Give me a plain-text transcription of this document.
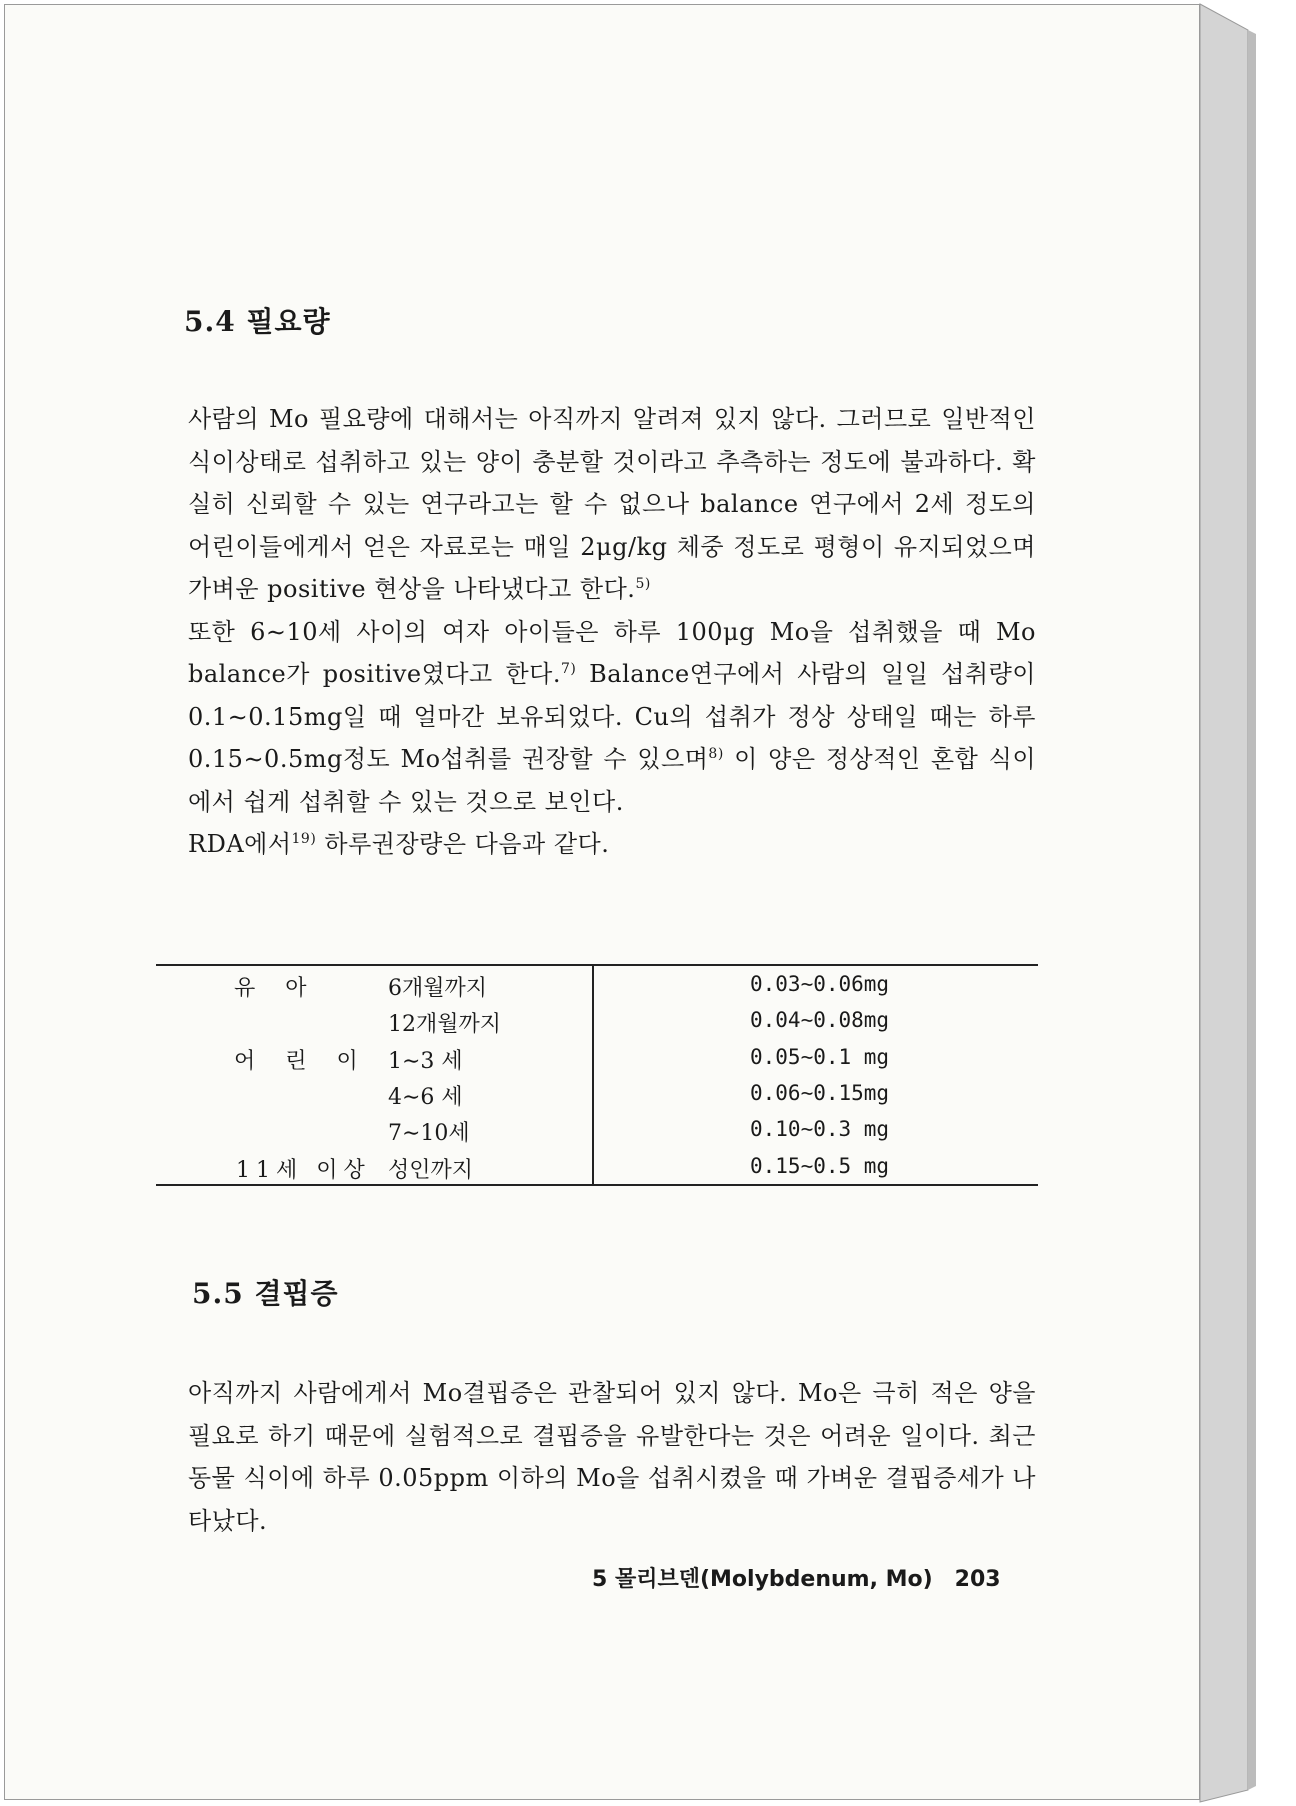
5.4 필요량

사람의 Mo 필요량에 대해서는 아직까지 알려져 있지 않다. 그러므로 일반적인 식이상태로 섭취하고 있는 양이 충분할 것이라고 추측하는 정도에 불과하다. 확실히 신뢰할 수 있는 연구라고는 할 수 없으나 balance 연구에서 2세 정도의 어린이들에게서 얻은 자료로는 매일 2μg/kg 체중 정도로 평형이 유지되었으며 가벼운 positive 현상을 나타냈다고 한다.$^{5)}$

또한 6∼10세 사이의 여자 아이들은 하루 100μg Mo을 섭취했을 때 Mo balance가 positive였다고 한다.$^{7)}$ Balance연구에서 사람의 일일 섭취량이 0.1∼0.15mg일 때 얼마간 보유되었다. Cu의 섭취가 정상 상태일 때는 하루 0.15∼0.5mg정도 Mo섭취를 권장할 수 있으며$^{8)}$ 이 양은 정상적인 혼합 식이에서 쉽게 섭취할 수 있는 것으로 보인다.

RDA에서$^{19)}$ 하루권장량은 다음과 같다.

유아 6개월까지	0.03∼0.06mg

12개월까지	0.04∼0.08mg

어린이 1∼3 세	0.05∼0.1 mg

4∼6 세	0.06∼0.15mg

7∼10세	0.10∼0.3 mg

11세 이상 성인까지	0.15∼0.5 mg
5.5 결핍증

아직까지 사람에게서 Mo결핍증은 관찰되어 있지 않다. Mo은 극히 적은 양을 필요로 하기 때문에 실험적으로 결핍증을 유발한다는 것은 어려운 일이다. 최근 동물 식이에 하루 0.05ppm 이하의 Mo을 섭취시켰을 때 가벼운 결핍증세가 나타났다.

5 몰리브덴(Molybdenum, Mo) 203
